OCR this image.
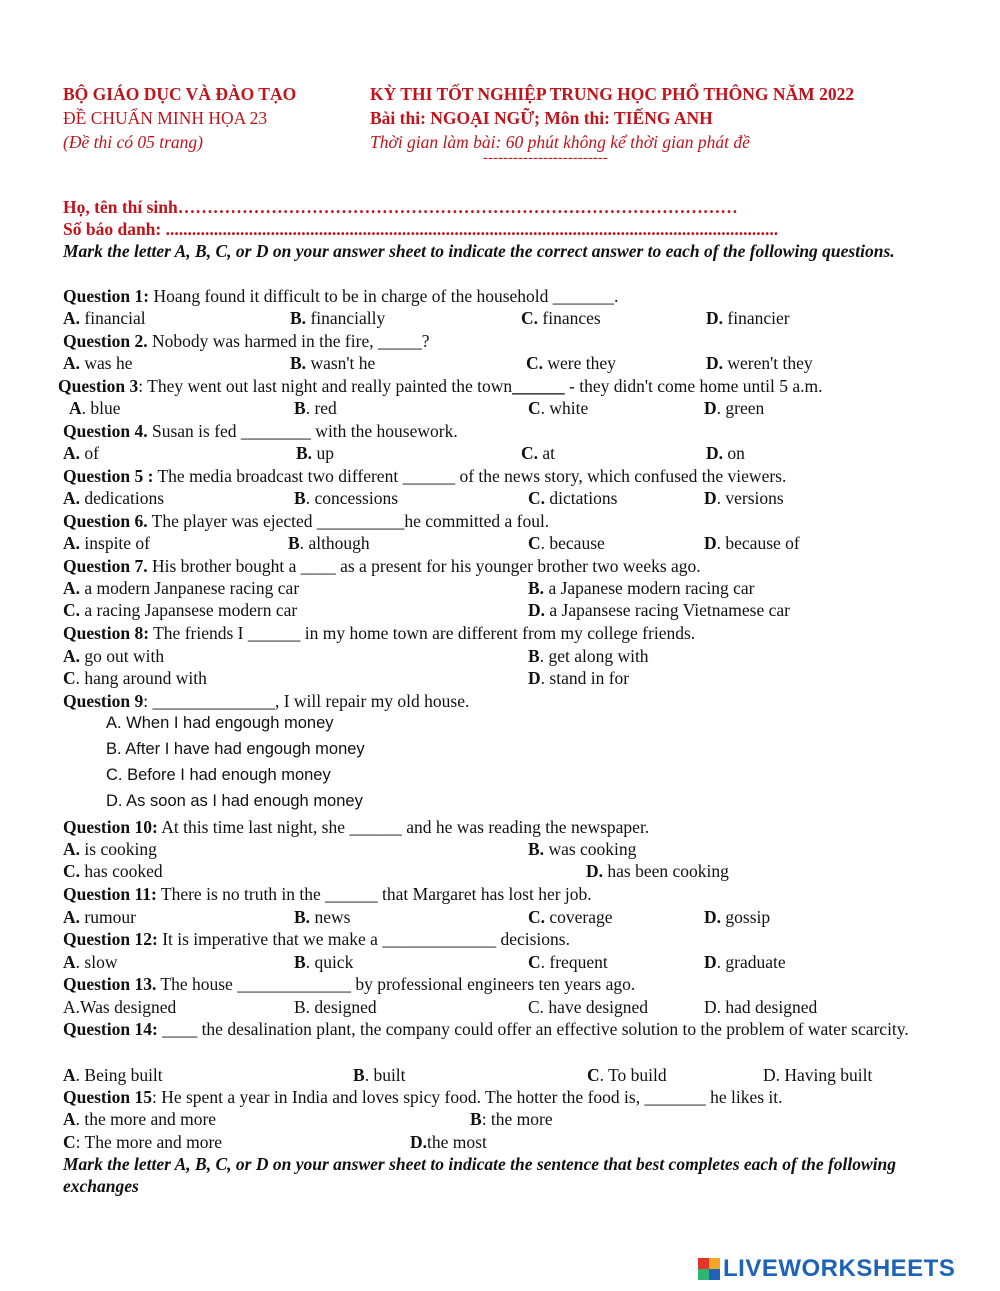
BỘ GIÁO DỤC VÀ ĐÀO TẠO
ĐỀ CHUẨN MINH HỌA 23
(Đề thi có 05 trang)
KỲ THI TỐT NGHIỆP TRUNG HỌC PHỔ THÔNG NĂM 2022
Bài thi: NGOẠI NGỮ; Môn thi: TIẾNG ANH
Thời gian làm bài: 60 phút không kể thời gian phát đề
-------------------------
Họ, tên thí sinh……………………………………………………………………………………
Số báo danh: ............................................................................................................................................
Mark the letter A, B, C, or D on your answer sheet to indicate the correct answer to each of the following questions.
Question 1: Hoang found it difficult to be in charge of the household _______.
A. financial	B. financially	C. finances	D. financier
Question 2. Nobody was harmed in the fire, _____?
A. was he	B. wasn't he	C. were they	D. weren't they
Question 3: They went out last night and really painted the town______ - they didn't come home until 5 a.m.
A. blue	B. red	C. white	D. green
Question 4. Susan is fed ________ with the housework.
A. of	B. up	C. at	D. on
Question 5 : The media broadcast two different ______ of the news story, which confused the viewers.
A. dedications	B. concessions	C. dictations	D. versions
Question 6. The player was ejected __________he committed a foul.
A. inspite of	B. although	C. because	D. because of
Question 7. His brother bought a ____ as a present for his younger brother two weeks ago.
A. a modern Janpanese racing car	B. a Japanese modern racing car
C. a racing Japansese modern car	D. a Japansese racing Vietnamese car
Question 8: The friends I ______ in my home town are different from my college friends.
A. go out with	B. get along with
C. hang around with	D. stand in for
Question 9: ______________, I will repair my old house.
A. When I had engough money
B. After I have had engough money
C. Before I had enough money
D. As soon as I had enough money
Question 10: At this time last night, she ______ and he was reading the newspaper.
A. is cooking	B. was cooking
C. has cooked	D. has been cooking
Question 11: There is no truth in the ______ that Margaret has lost her job.
A. rumour	B. news	C. coverage	D. gossip
Question 12: It is imperative that we make a _____________ decisions.
A. slow	B. quick	C. frequent	D. graduate
Question 13. The house _____________ by professional engineers ten years ago.
A.Was designed	B. designed	C. have designed	D. had designed
Question 14: ____ the desalination plant, the company could offer an effective solution to the problem of water scarcity.
A. Being built	B. built	C. To build	D. Having built
Question 15: He spent a year in India and loves spicy food. The hotter the food is, _______ he likes it.
A. the more and more	B: the more
C: The more and more	D.the most
Mark the letter A, B, C, or D on your answer sheet to indicate the sentence that best completes each of the following exchanges
LIVEWORKSHEETS
